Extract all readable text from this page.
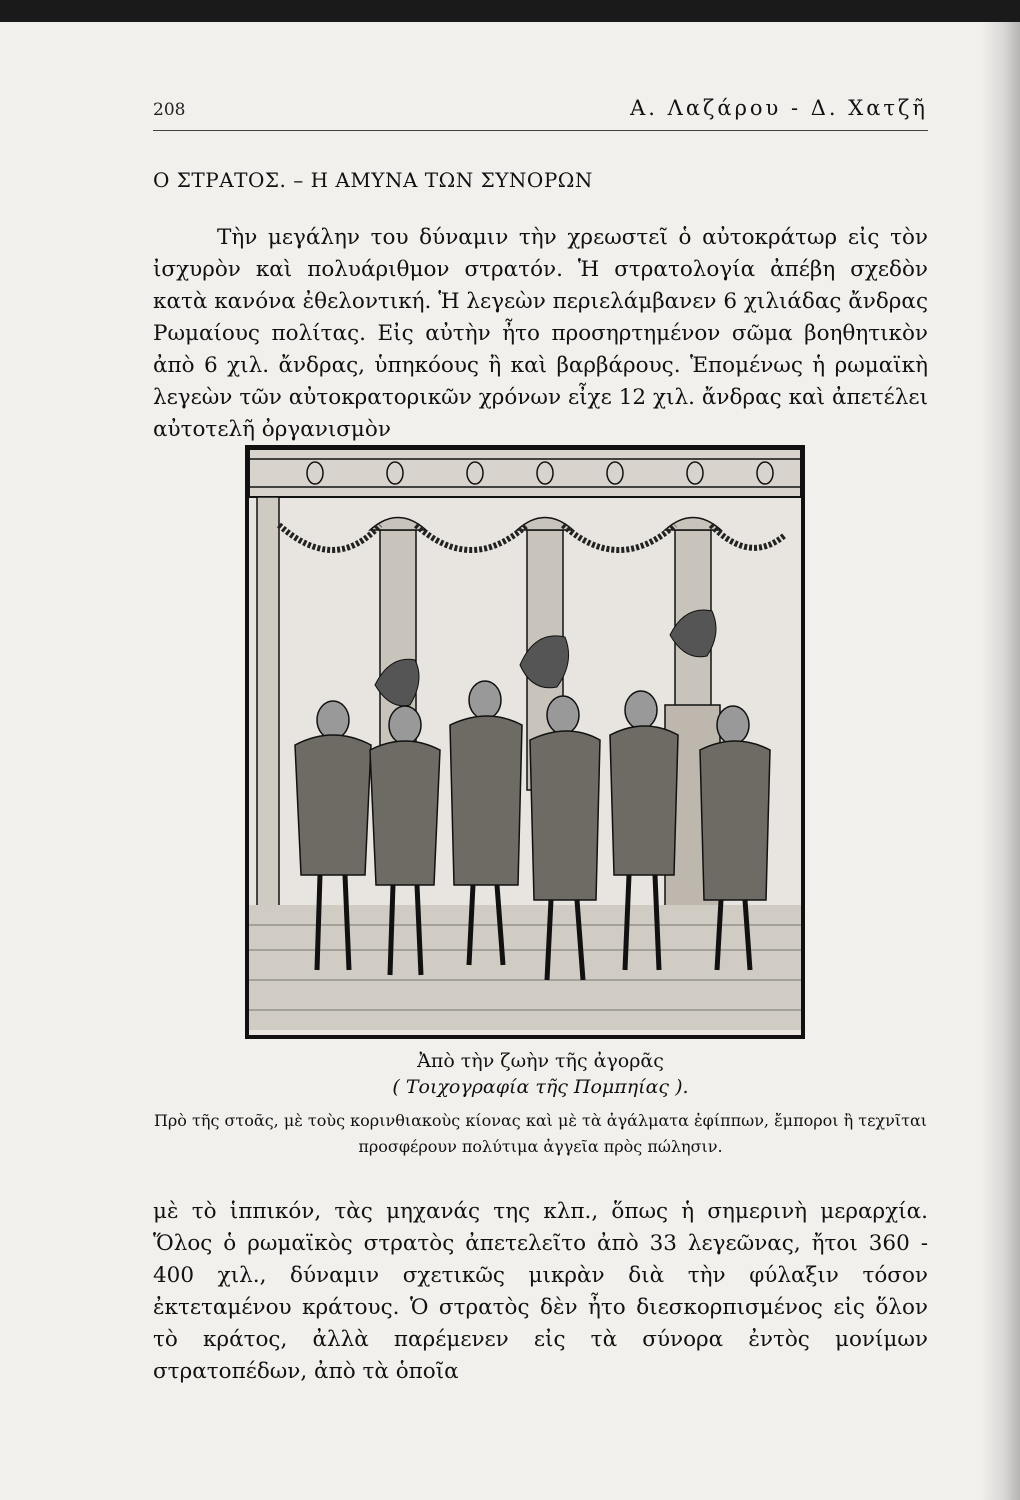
208	Α. Λαζάρου - Δ. Χατζῆ
Ο ΣΤΡΑΤΟΣ. – Η ΑΜΥΝΑ ΤΩΝ ΣΥΝΟΡΩΝ
Τὴν μεγάλην του δύναμιν τὴν χρεωστεῖ ὁ αὐτοκράτωρ εἰς τὸν ἰσχυρὸν καὶ πολυάριθμον στρατόν. Ἡ στρατολογία ἀπέβη σχεδὸν κατὰ κανόνα ἐθελοντική. Ἡ λεγεὼν περιελάμβανεν 6 χιλιάδας ἄνδρας Ρωμαίους πολίτας. Εἰς αὐτὴν ἦτο προσηρτημένον σῶμα βοηθητικὸν ἀπὸ 6 χιλ. ἄνδρας, ὑπηκόους ἢ καὶ βαρβάρους. Ἑπομένως ἡ ρωμαϊκὴ λεγεὼν τῶν αὐτοκρατορικῶν χρόνων εἶχε 12 χιλ. ἄνδρας καὶ ἀπετέλει αὐτοτελῆ ὀργανισμὸν
Ἀπὸ τὴν ζωὴν τῆς ἀγορᾶς
( Τοιχογραφία τῆς Πομπηίας ).
Πρὸ τῆς στοᾶς, μὲ τοὺς κορινθιακοὺς κίονας καὶ μὲ τὰ ἀγάλματα ἐφίππων, ἔμποροι ἢ τεχνῖται προσφέρουν πολύτιμα ἀγγεῖα πρὸς πώλησιν.
μὲ τὸ ἱππικόν, τὰς μηχανάς της κλπ., ὅπως ἡ σημερινὴ μεραρχία. Ὅλος ὁ ρωμαϊκὸς στρατὸς ἀπετελεῖτο ἀπὸ 33 λεγεῶνας, ἤτοι 360 - 400 χιλ., δύναμιν σχετικῶς μικρὰν διὰ τὴν φύλαξιν τόσον ἐκτεταμένου κράτους. Ὁ στρατὸς δὲν ἦτο διεσκορπισμένος εἰς ὅλον τὸ κράτος, ἀλλὰ παρέμενεν εἰς τὰ σύνορα ἐντὸς μονίμων στρατοπέδων, ἀπὸ τὰ ὁποῖα
